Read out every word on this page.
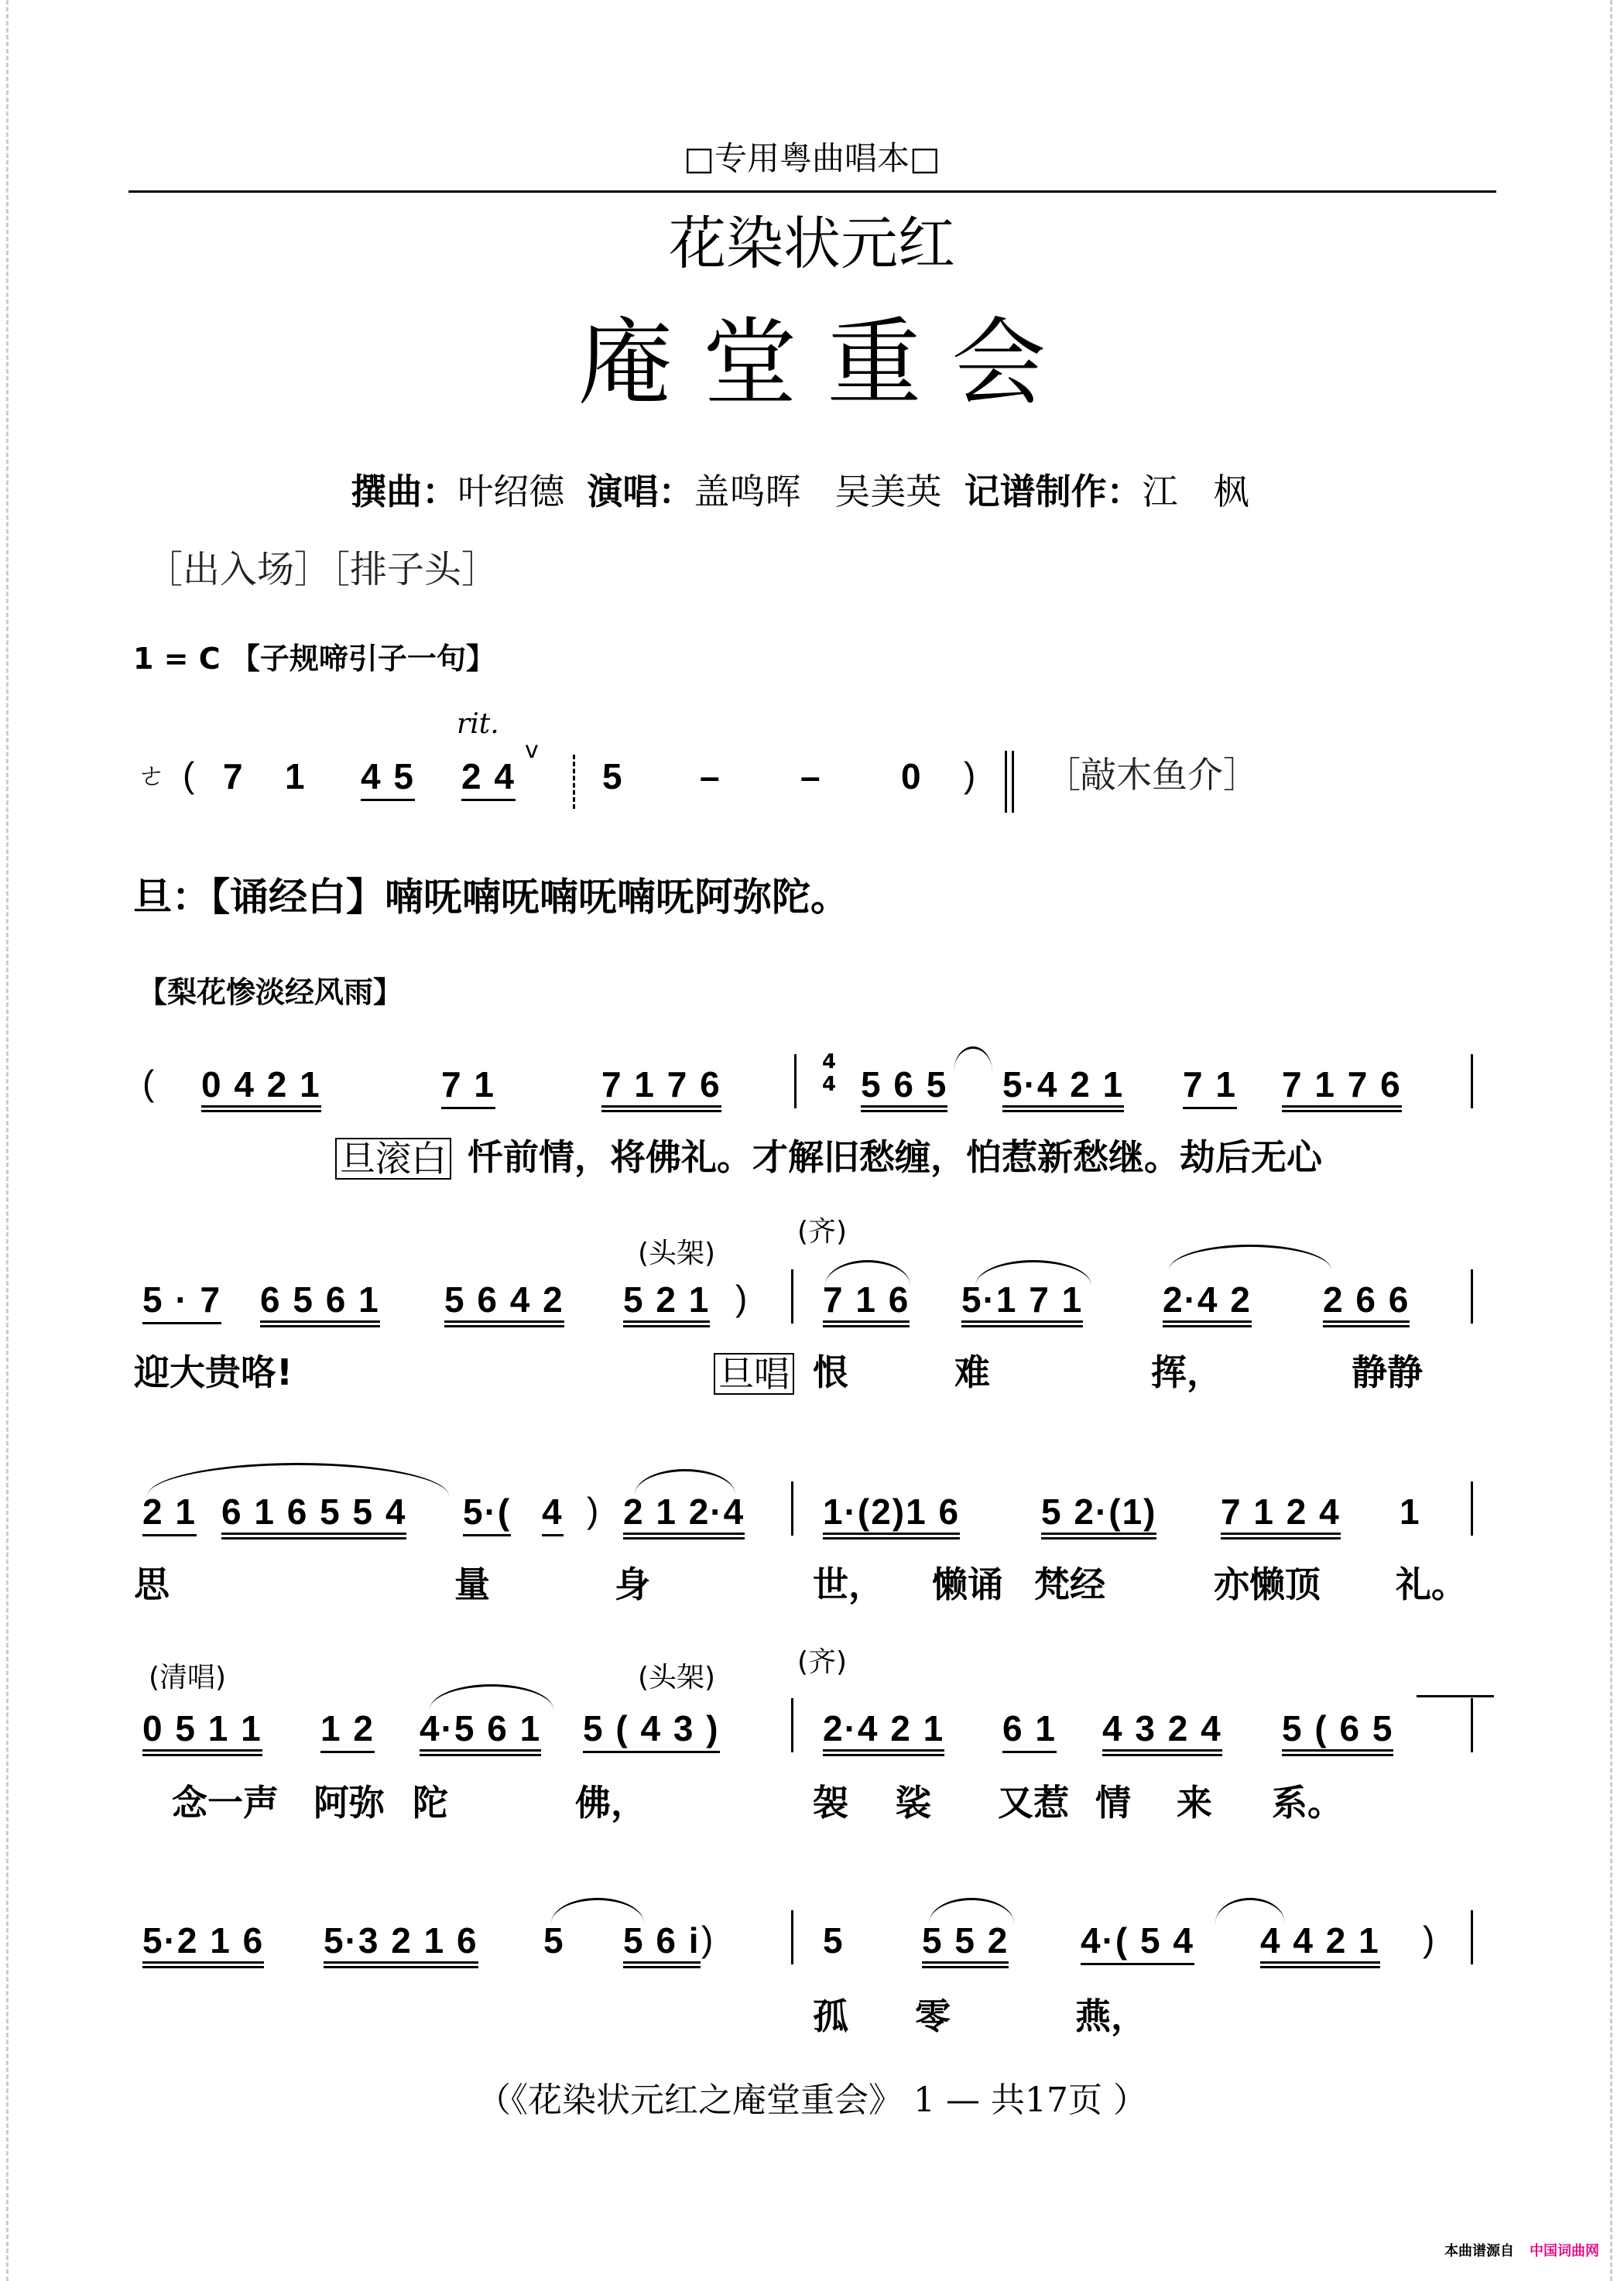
□专用粤曲唱本□
花染状元红
庵 堂 重 会

撰曲：叶绍德 演唱：盖鸣晖 吴美英 记谱制作：江　枫

［出入场］［排子头］
1 = C 【子规啼引子一句】
ㄜ ( 7 1 4 5 2 4
rit.
v
5 – – 0 ) ［敲木鱼介］
旦：【诵经白】喃呒喃呒喃呒喃呒阿弥陀。
【梨花惨淡经风雨】
( 0 4 2 1	7 1	7 1 7 6
4
4 5 6 5 5·4 2 1 7 1 7 1 7 6
旦滚白 忏前情，将佛礼。才解旧愁缠，怕惹新愁继。劫后无心
(头架)
(齐)
5 · 7 6 5 6 1 5 6 4 2 5 2 1 ) 7 1 6 5·1 7 1 2·4 2 2 6 6
迎大贵咯!	旦唱 恨	难	挥，	静静
2 1 6 1 6 5 5 4 5·( 4 ) 2 1 2·4 1·(2)1 6 5 2·(1) 7 1 2 4 1
思	量	身	世， 懒诵 梵经	亦懒顶 礼。
(清唱)	(头架)	(齐)
0 5 1 1 1 2 4·5 6 1 5 ( 4 3 )	2·4 2 1 6 1 4 3 2 4 5 ( 6 5
念一声 阿弥 陀	佛，	袈 裟 又惹 情 来 系。
5·2 1 6 5·3 2 1 6 5 5 6 i )	5 5 5 2 4·( 5 4 4 4 2 1 )
孤 零	燕，
（《花染状元红之庵堂重会》 1 — 共17页 ）
本曲谱源自 中国词曲网
